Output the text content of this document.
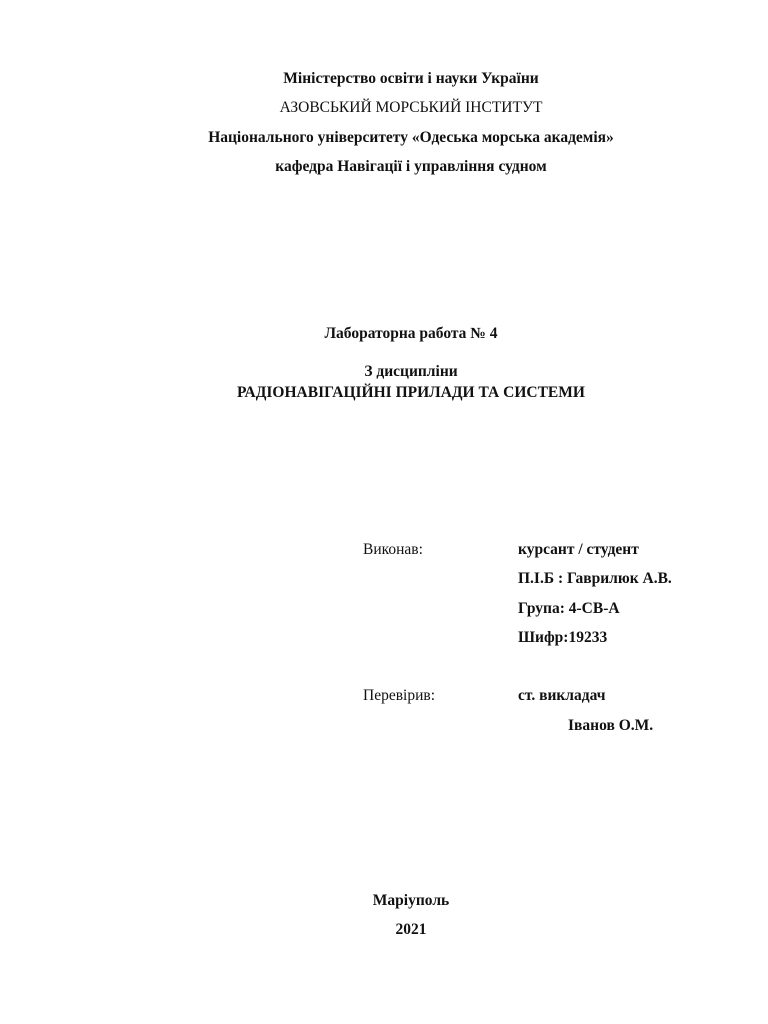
Міністерство освіти і науки України
АЗОВСЬКИЙ МОРСЬКИЙ ІНСТИТУТ
Національного університету «Одеська морська академія»
кафедра Навігації і управління судном
Лабораторна работа № 4
З дисципліни
РАДІОНАВІГАЦІЙНІ ПРИЛАДИ ТА СИСТЕМИ
Виконав:	курсант / студент
П.І.Б : Гаврилюк А.В.
Група: 4-СВ-А
Шифр:19233
Перевірив:	ст. викладач
Іванов О.М.
Маріуполь
2021
